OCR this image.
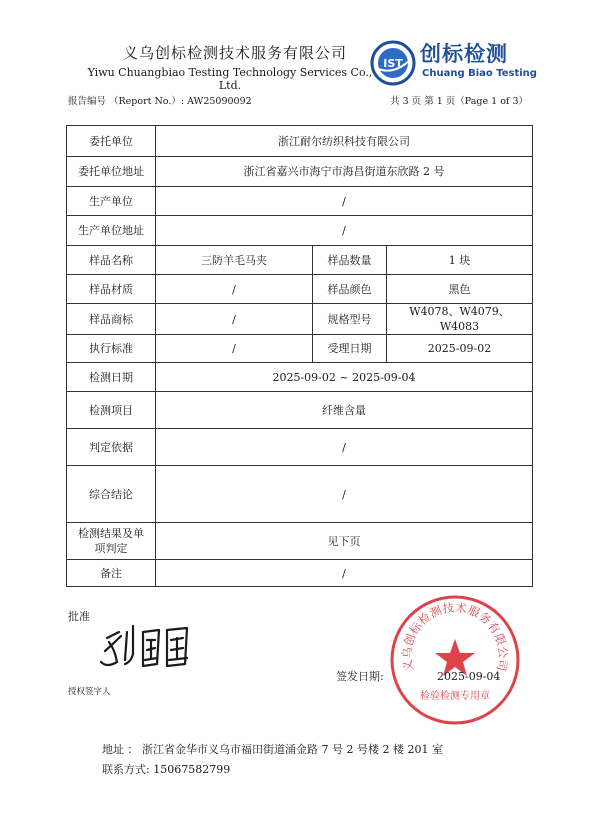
义乌创标检测技术服务有限公司
Yiwu Chuangbiao Testing Technology Services Co., Ltd.
IST 创标检测
Chuang Biao Testing
报告编号 （Report No.）: AW25090092	共 3 页 第 1 页（Page 1 of 3）
委托单位	浙江耐尔纺织科技有限公司		
委托单位地址	浙江省嘉兴市海宁市海昌街道东欣路 2 号		
生产单位	/		
生产单位地址	/		
样品名称	三防羊毛马夹	样品数量	1 块
样品材质	/	样品颜色	黑色
样品商标	/	规格型号	W4078、W4079、W4083
执行标准	/	受理日期	2025-09-02
检测日期	2025-09-02 ~ 2025-09-04		
检测项目	纤维含量		
判定依据	/		
综合结论	/		

检测结果及单项判定	见下页		
备注	/		
批准
授权签字人
签发日期:
义乌创标检测技术服务有限公司
检验检测专用章
2025-09-04
地址 ： 浙江省金华市义乌市福田街道涌金路 7 号 2 号楼 2 楼 201 室
联系方式: 15067582799
